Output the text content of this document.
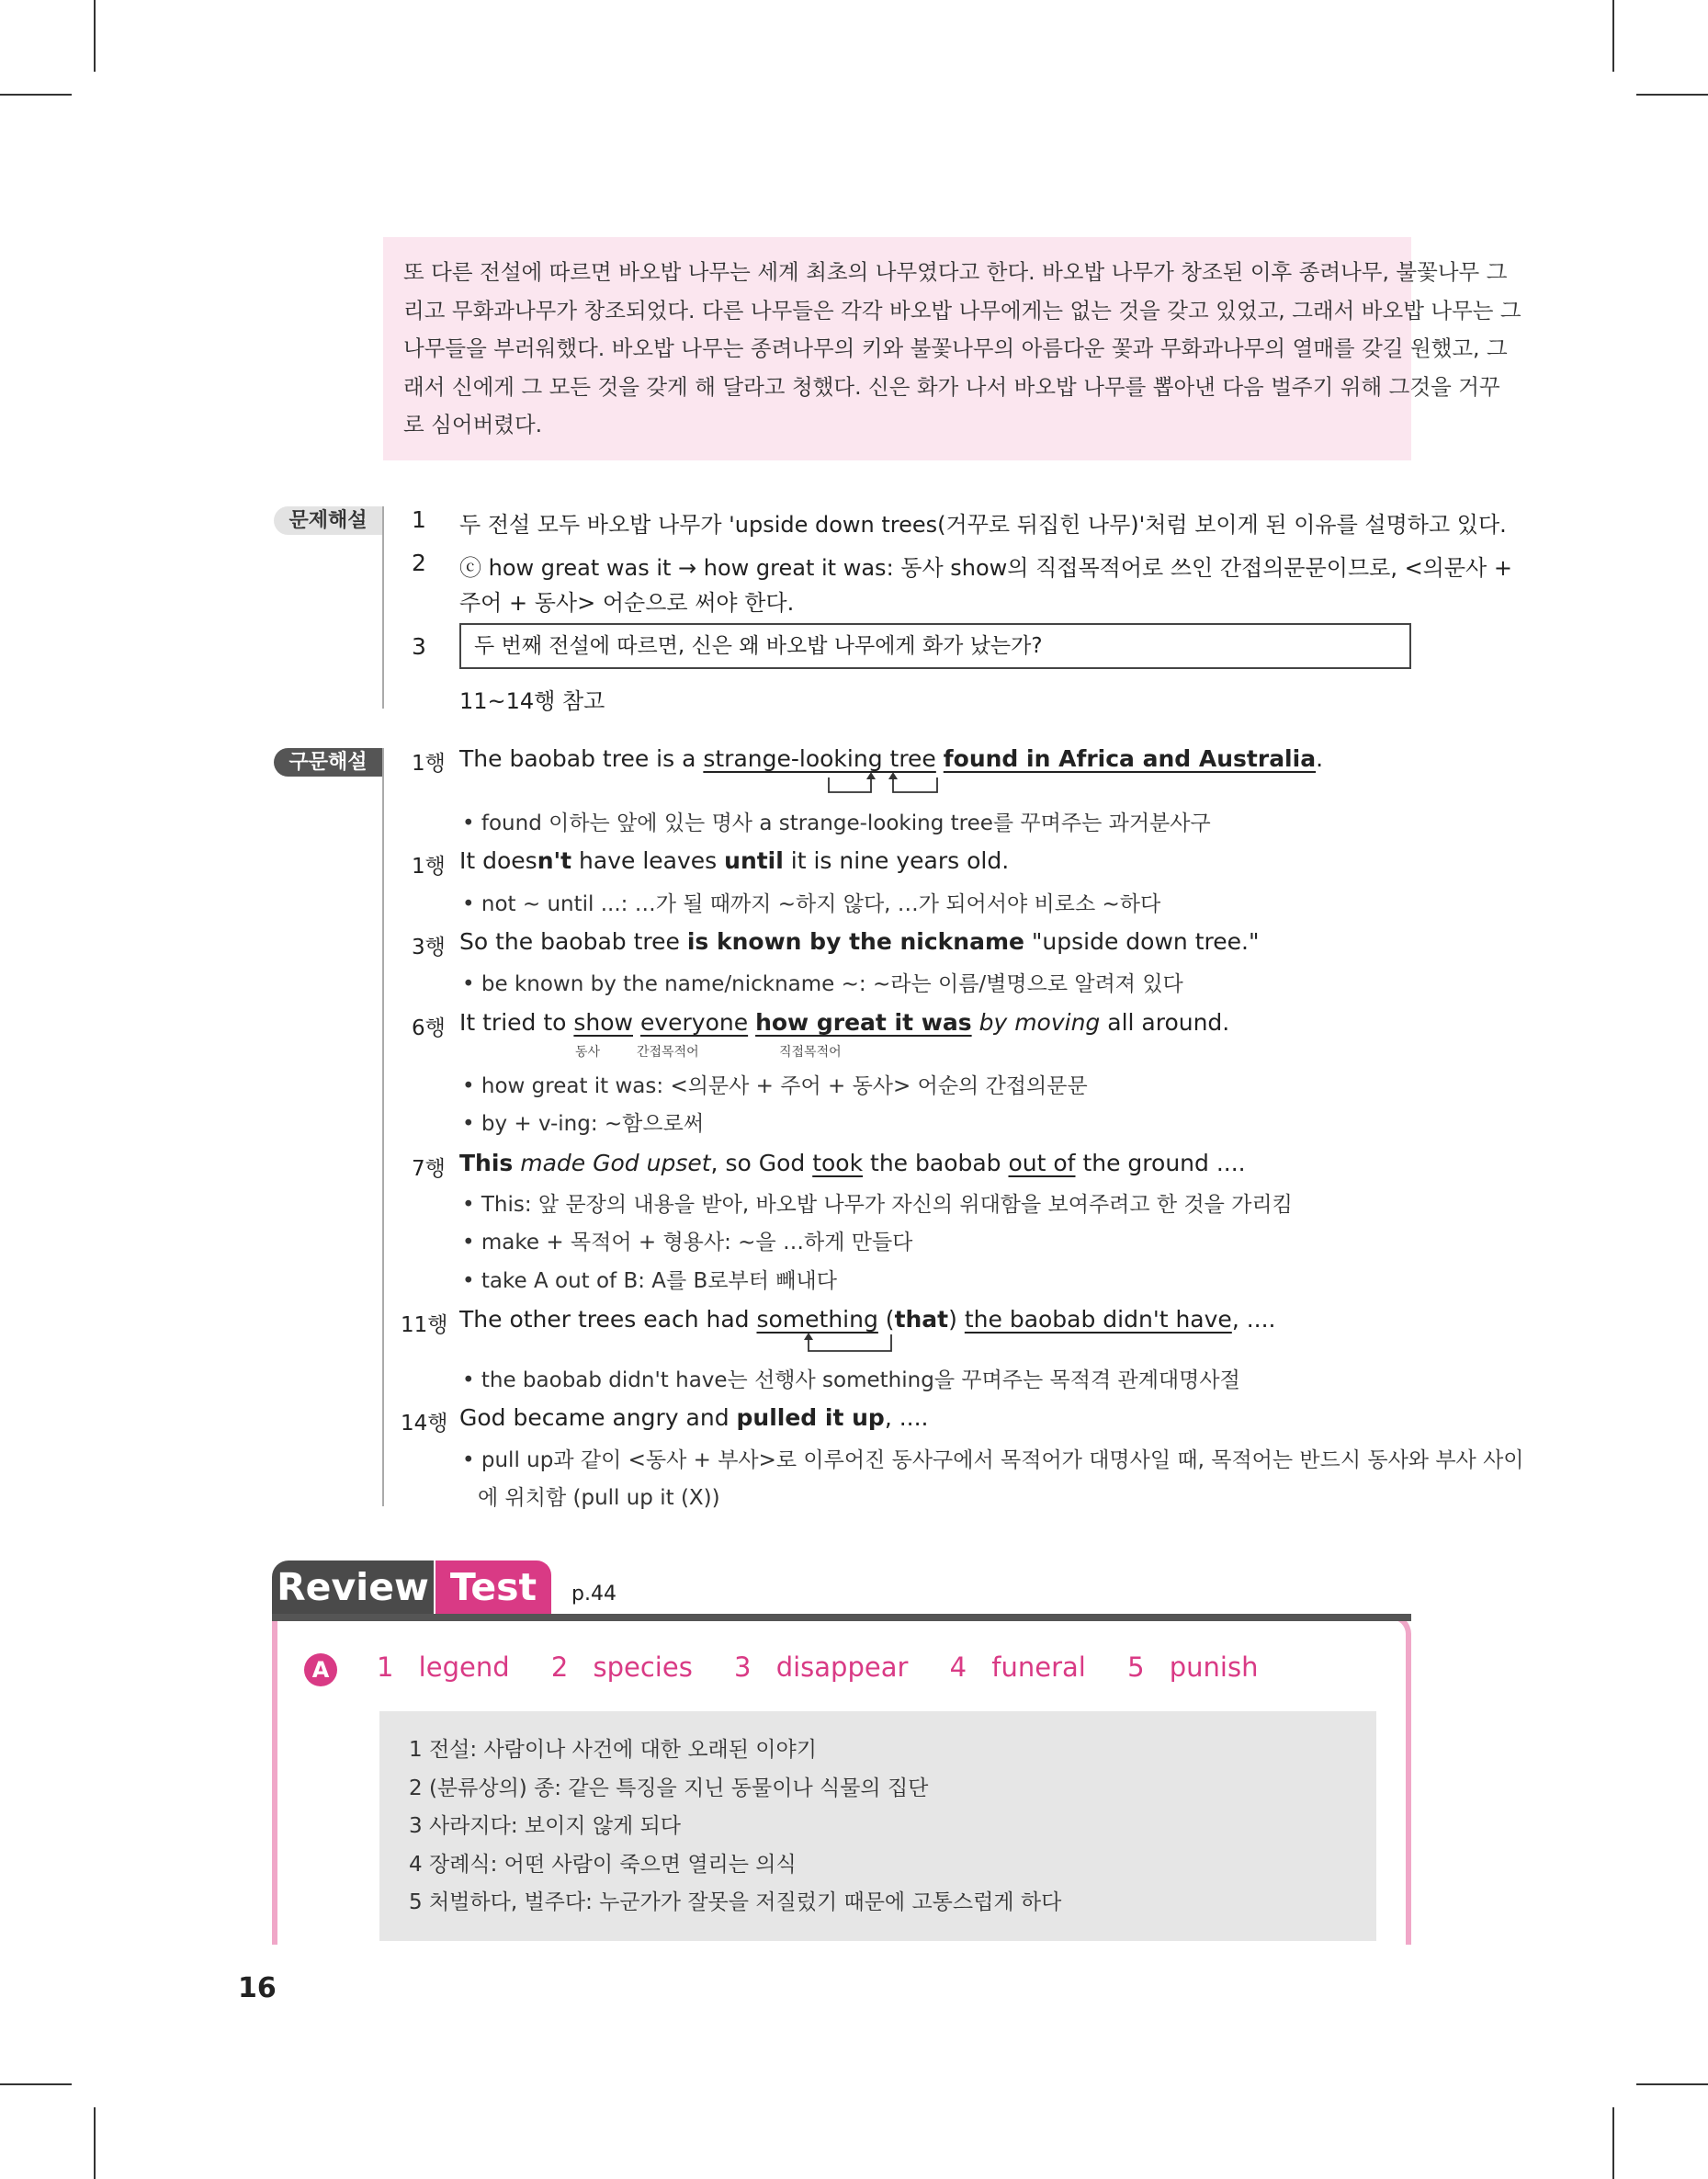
또 다른 전설에 따르면 바오밥 나무는 세계 최초의 나무였다고 한다. 바오밥 나무가 창조된 이후 종려나무, 불꽃나무 그
리고 무화과나무가 창조되었다. 다른 나무들은 각각 바오밥 나무에게는 없는 것을 갖고 있었고, 그래서 바오밥 나무는 그
나무들을 부러워했다. 바오밥 나무는 종려나무의 키와 불꽃나무의 아름다운 꽃과 무화과나무의 열매를 갖길 원했고, 그
래서 신에게 그 모든 것을 갖게 해 달라고 청했다. 신은 화가 나서 바오밥 나무를 뽑아낸 다음 벌주기 위해 그것을 거꾸
로 심어버렸다.
문제해설	1 두 전설 모두 바오밥 나무가 'upside down trees(거꾸로 뒤집힌 나무)'처럼 보이게 된 이유를 설명하고 있다.
2 ⓒ how great was it → how great it was: 동사 show의 직접목적어로 쓰인 간접의문문이므로, <의문사 +
주어 + 동사> 어순으로 써야 한다.
3	두 번째 전설에 따르면, 신은 왜 바오밥 나무에게 화가 났는가?
11~14행 참고
구문해설	1행 The baobab tree is a strange-looking tree found in Africa and Australia.
• found 이하는 앞에 있는 명사 a strange-looking tree를 꾸며주는 과거분사구
1행 It doesn't have leaves until it is nine years old.
• not ~ until ...: …가 될 때까지 ~하지 않다, …가 되어서야 비로소 ~하다
3행 So the baobab tree is known by the nickname "upside down tree."
• be known by the name/nickname ~: ~라는 이름/별명으로 알려져 있다
6행 It tried to show everyone how great it was by moving all around.
동사	간접목적어	직접목적어
• how great it was: <의문사 + 주어 + 동사> 어순의 간접의문문
• by + v-ing: ~함으로써
7행 This made God upset, so God took the baobab out of the ground ....
• This: 앞 문장의 내용을 받아, 바오밥 나무가 자신의 위대함을 보여주려고 한 것을 가리킴
• make + 목적어 + 형용사: ~을 …하게 만들다
• take A out of B: A를 B로부터 빼내다
11행 The other trees each had something (that) the baobab didn't have, ....
• the baobab didn't have는 선행사 something을 꾸며주는 목적격 관계대명사절
14행 God became angry and pulled it up, ....
• pull up과 같이 <동사 + 부사>로 이루어진 동사구에서 목적어가 대명사일 때, 목적어는 반드시 동사와 부사 사이
에 위치함 (pull up it (X))
Review Test	p.44
A	1 legend 2 species 3 disappear 4 funeral 5 punish
1 전설: 사람이나 사건에 대한 오래된 이야기
2 (분류상의) 종: 같은 특징을 지닌 동물이나 식물의 집단
3 사라지다: 보이지 않게 되다
4 장례식: 어떤 사람이 죽으면 열리는 의식
5 처벌하다, 벌주다: 누군가가 잘못을 저질렀기 때문에 고통스럽게 하다
16
